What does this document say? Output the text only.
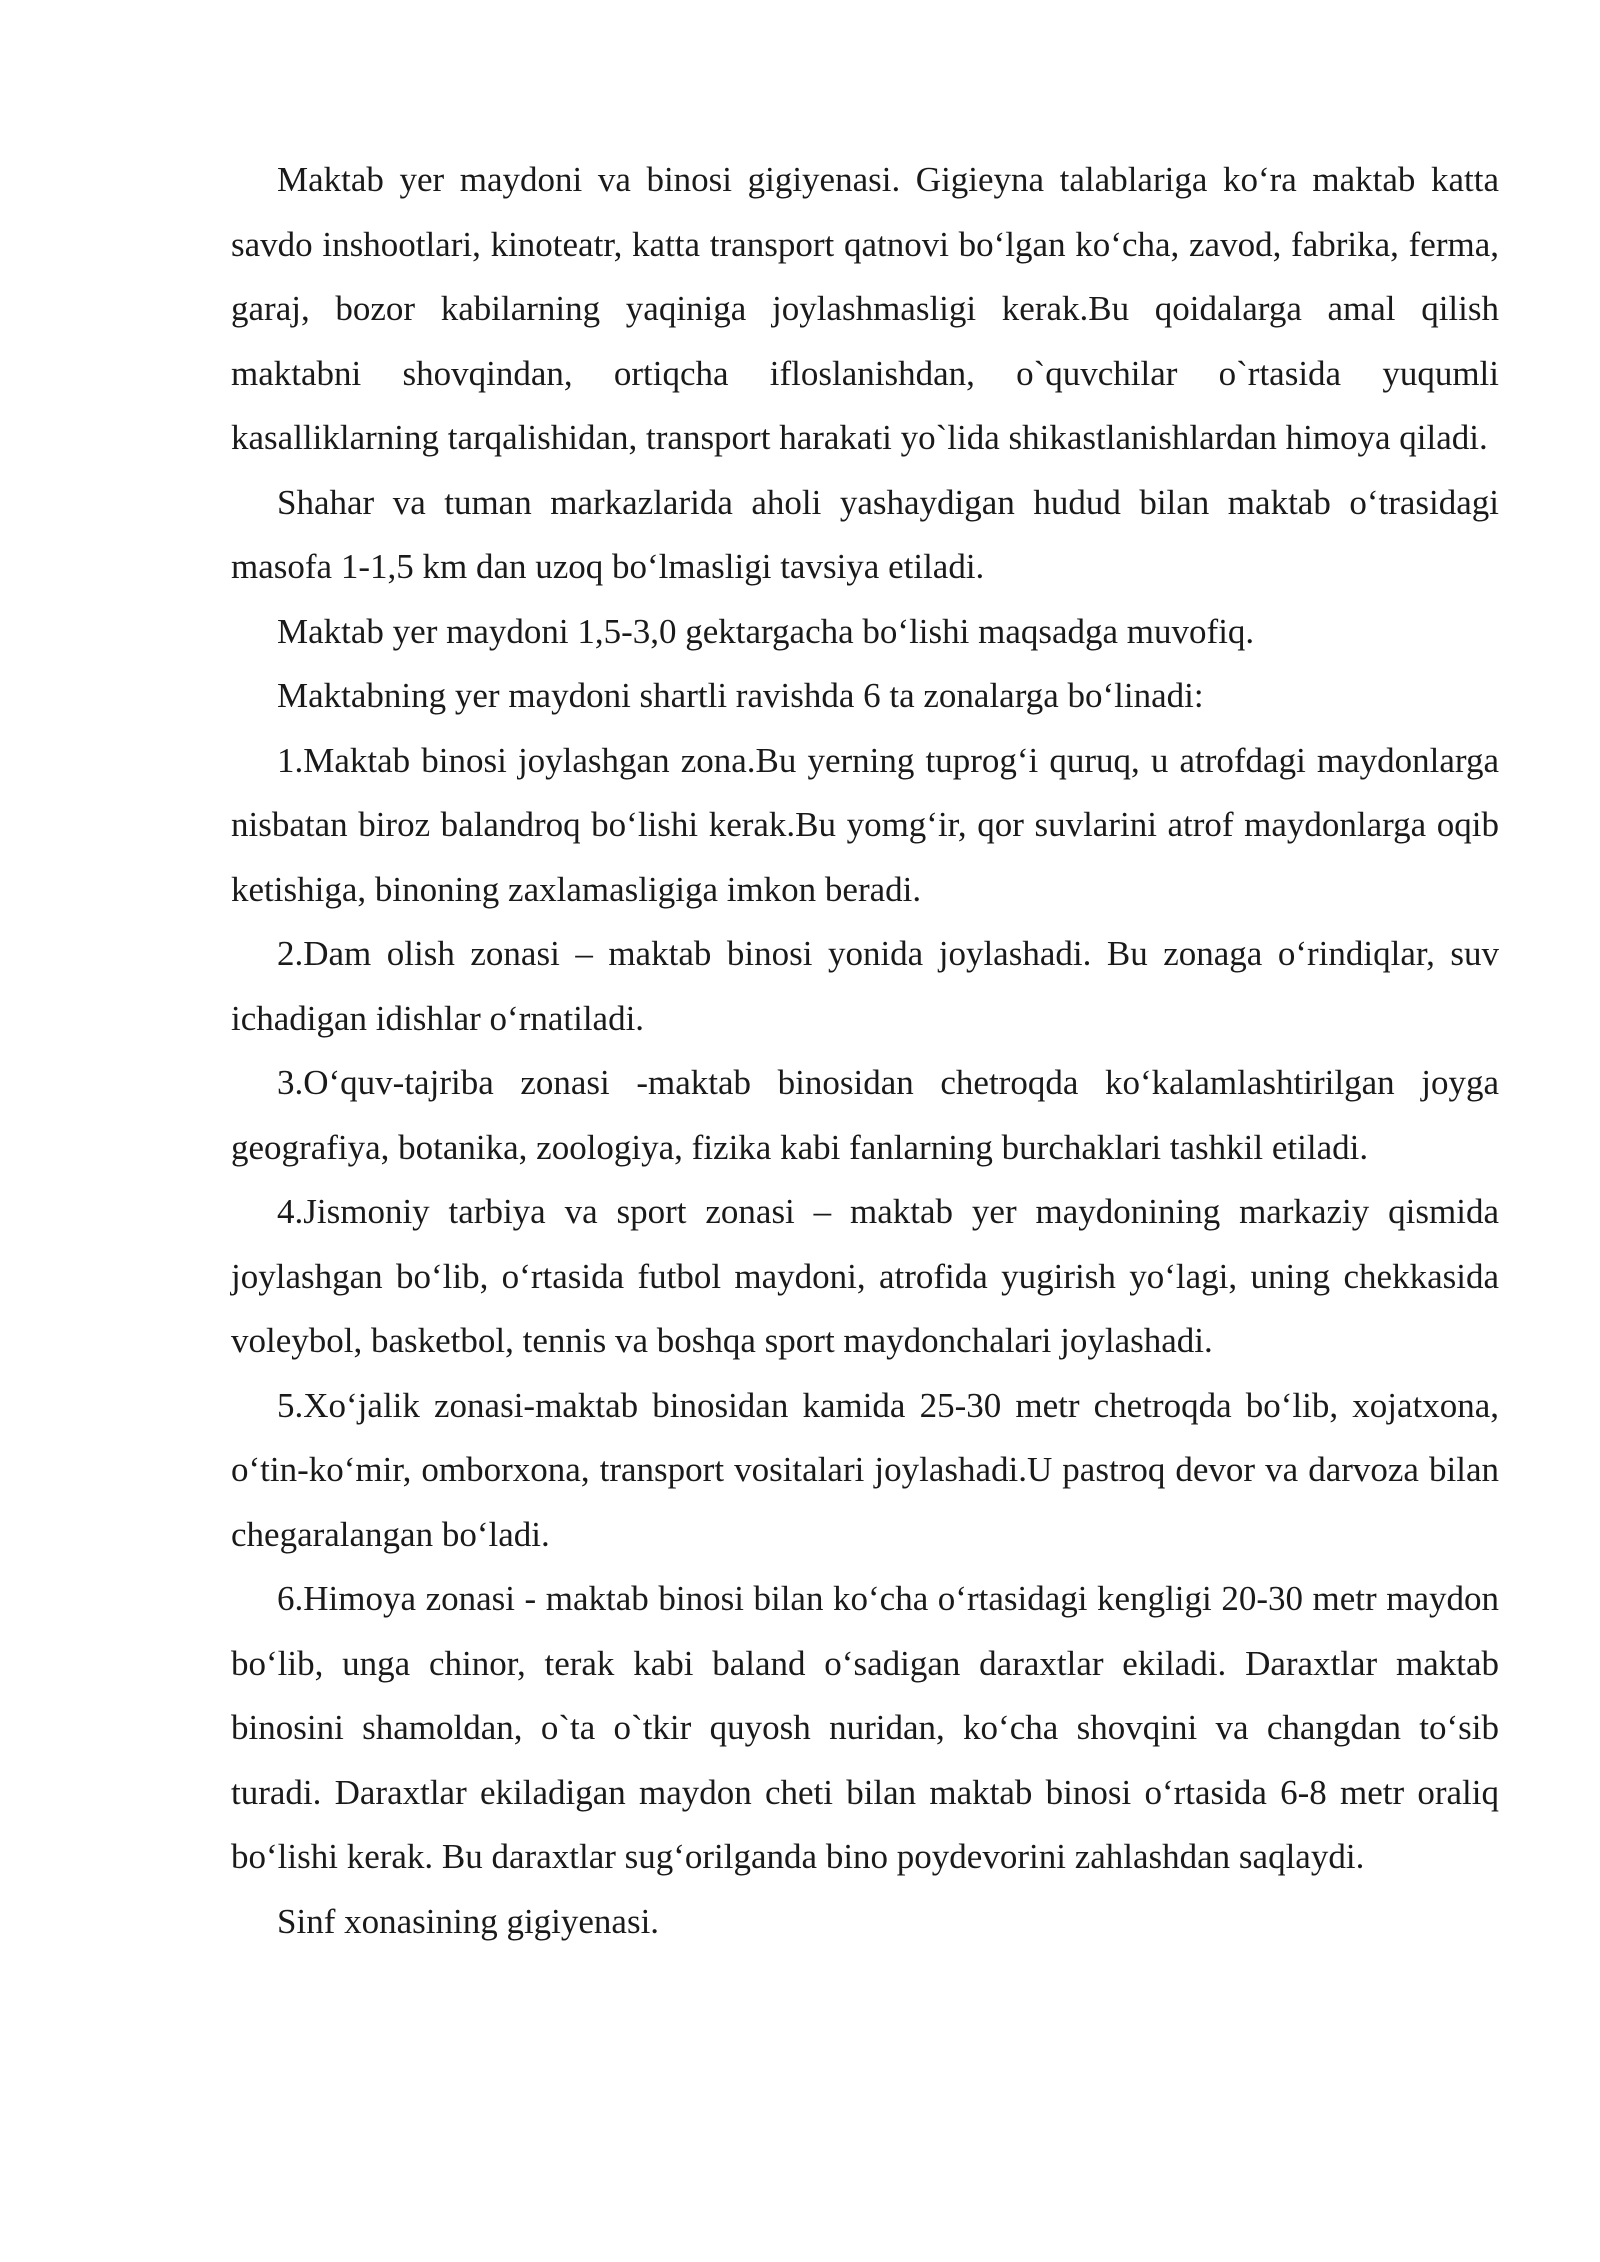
Maktab yer maydoni va binosi gigiyenasi. Gigieyna talablariga ko‘ra maktab katta savdo inshootlari, kinoteatr, katta transport qatnovi bo‘lgan ko‘cha, zavod, fabrika, ferma, garaj, bozor kabilarning yaqiniga joylashmasligi kerak.Bu qoidalarga amal qilish maktabni shovqindan, ortiqcha ifloslanishdan, o`quvchilar o`rtasida yuqumli kasalliklarning tarqalishidan, transport harakati yo`lida shikastlanishlardan himoya qiladi.

Shahar va tuman markazlarida aholi yashaydigan hudud bilan maktab o‘trasidagi masofa 1-1,5 km dan uzoq bo‘lmasligi tavsiya etiladi.

Maktab yer maydoni 1,5-3,0 gektargacha bo‘lishi maqsadga muvofiq.

Maktabning yer maydoni shartli ravishda 6 ta zonalarga bo‘linadi:

1.Maktab binosi joylashgan zona.Bu yerning tuprog‘i quruq, u atrofdagi maydonlarga nisbatan biroz balandroq bo‘lishi kerak.Bu yomg‘ir, qor suvlarini atrof maydonlarga oqib ketishiga, binoning zaxlamasligiga imkon beradi.

2.Dam olish zonasi – maktab binosi yonida joylashadi. Bu zonaga o‘rindiqlar, suv ichadigan idishlar o‘rnatiladi.

3.O‘quv-tajriba zonasi -maktab binosidan chetroqda ko‘kalamlashtirilgan joyga geografiya, botanika, zoologiya, fizika kabi fanlarning burchaklari tashkil etiladi.

4.Jismoniy tarbiya va sport zonasi – maktab yer maydonining markaziy qismida joylashgan bo‘lib, o‘rtasida futbol maydoni, atrofida yugirish yo‘lagi, uning chekkasida voleybol, basketbol, tennis va boshqa sport maydonchalari joylashadi.

5.Xo‘jalik zonasi-maktab binosidan kamida 25-30 metr chetroqda bo‘lib, xojatxona, o‘tin-ko‘mir, omborxona, transport vositalari joylashadi.U pastroq devor va darvoza bilan chegaralangan bo‘ladi.

6.Himoya zonasi - maktab binosi bilan ko‘cha o‘rtasidagi kengligi 20-30 metr maydon bo‘lib, unga chinor, terak kabi baland o‘sadigan daraxtlar ekiladi. Daraxtlar maktab binosini shamoldan, o`ta o`tkir quyosh nuridan, ko‘cha shovqini va changdan to‘sib turadi. Daraxtlar ekiladigan maydon cheti bilan maktab binosi o‘rtasida 6-8 metr oraliq bo‘lishi kerak. Bu daraxtlar sug‘orilganda bino poydevorini zahlashdan saqlaydi.

Sinf xonasining gigiyenasi.
